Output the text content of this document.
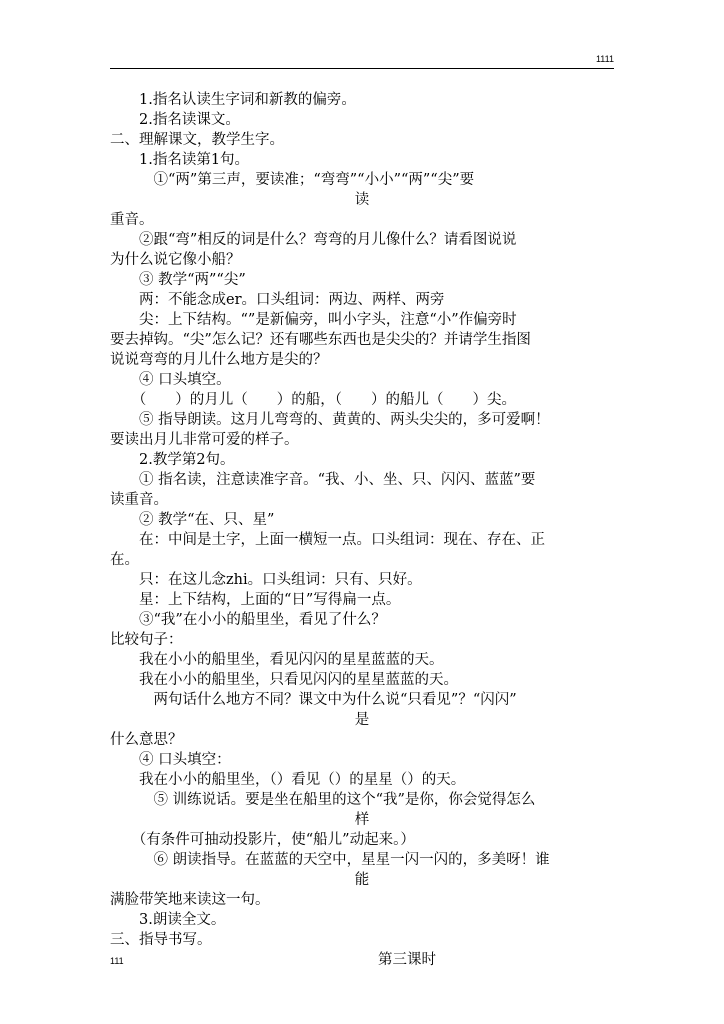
1111
　　1.指名认读生字词和新教的偏旁。
　　2.指名读课文。
二、理解课文，教学生字。
　　1.指名读第1句。
　　　①“两”第三声，要读准；“弯弯”“小小”“两”“尖”要
读
重音。
　　②跟“弯”相反的词是什么？弯弯的月儿像什么？请看图说说
为什么说它像小船？
　　③ 教学“两”“尖”
　　两：不能念成er。口头组词：两边、两样、两旁
　　尖：上下结构。“”是新偏旁，叫小字头，注意“小”作偏旁时
要去掉钩。“尖”怎么记？还有哪些东西也是尖尖的？并请学生指图
说说弯弯的月儿什么地方是尖的？
　　④ 口头填空。
　　（　　）的月儿（　　）的船，（　　）的船儿（　　）尖。
　　⑤ 指导朗读。这月儿弯弯的、黄黄的、两头尖尖的，多可爱啊！
要读出月儿非常可爱的样子。
　　2.教学第2句。
　　① 指名读，注意读准字音。“我、小、坐、只、闪闪、蓝蓝”要
读重音。
　　② 教学“在、只、星”
　　在：中间是土字，上面一横短一点。口头组词：现在、存在、正
在。
　　只：在这儿念zhi。口头组词：只有、只好。
　　星：上下结构，上面的“日”写得扁一点。
　　③“我”在小小的船里坐，看见了什么？
比较句子：
　　我在小小的船里坐，看见闪闪的星星蓝蓝的天。
　　我在小小的船里坐，只看见闪闪的星星蓝蓝的天。
　　　两句话什么地方不同？课文中为什么说“只看见”？“闪闪”
是
什么意思？
　　④ 口头填空：
　　我在小小的船里坐，（）看见（）的星星（）的天。
　　　⑤ 训练说话。要是坐在船里的这个“我”是你，你会觉得怎么
样
　　（有条件可抽动投影片，使“船儿”动起来。）
　　　⑥ 朗读指导。在蓝蓝的天空中，星星一闪一闪的，多美呀！谁
能
满脸带笑地来读这一句。
　　3.朗读全文。
三、指导书写。
第三课时
111
